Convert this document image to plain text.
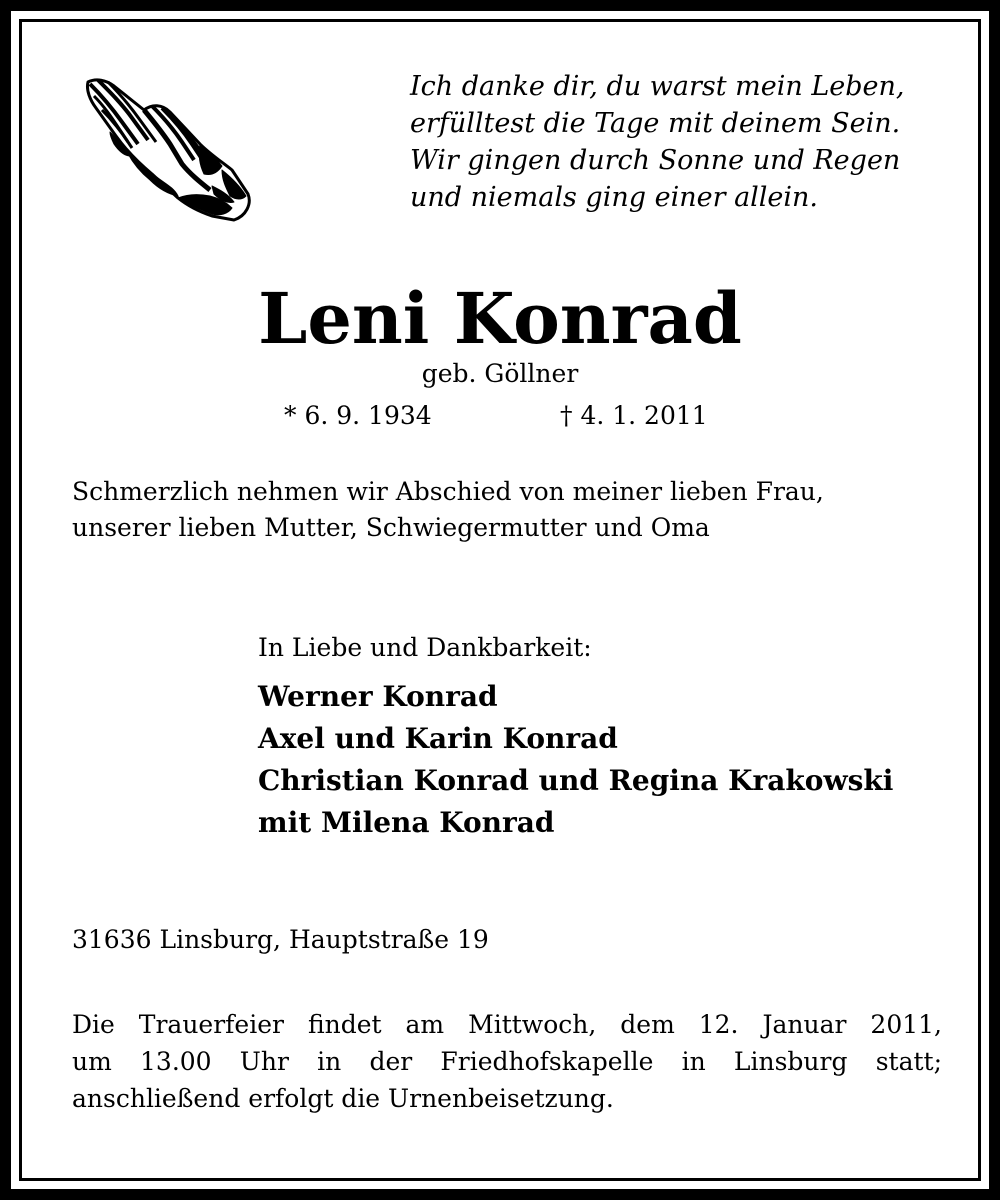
Ich danke dir, du warst mein Leben,
erfülltest die Tage mit deinem Sein.
Wir gingen durch Sonne und Regen
und niemals ging einer allein.
Leni Konrad
geb. Göllner
* 6. 9. 1934	† 4. 1. 2011
Schmerzlich nehmen wir Abschied von meiner lieben Frau,
unserer lieben Mutter, Schwiegermutter und Oma
In Liebe und Dankbarkeit:
Werner Konrad
Axel und Karin Konrad
Christian Konrad und Regina Krakowski
mit Milena Konrad
31636 Linsburg, Hauptstraße 19
Die Trauerfeier findet am Mittwoch, dem 12. Januar 2011,
um 13.00 Uhr in der Friedhofskapelle in Linsburg statt;
anschließend erfolgt die Urnenbeisetzung.
